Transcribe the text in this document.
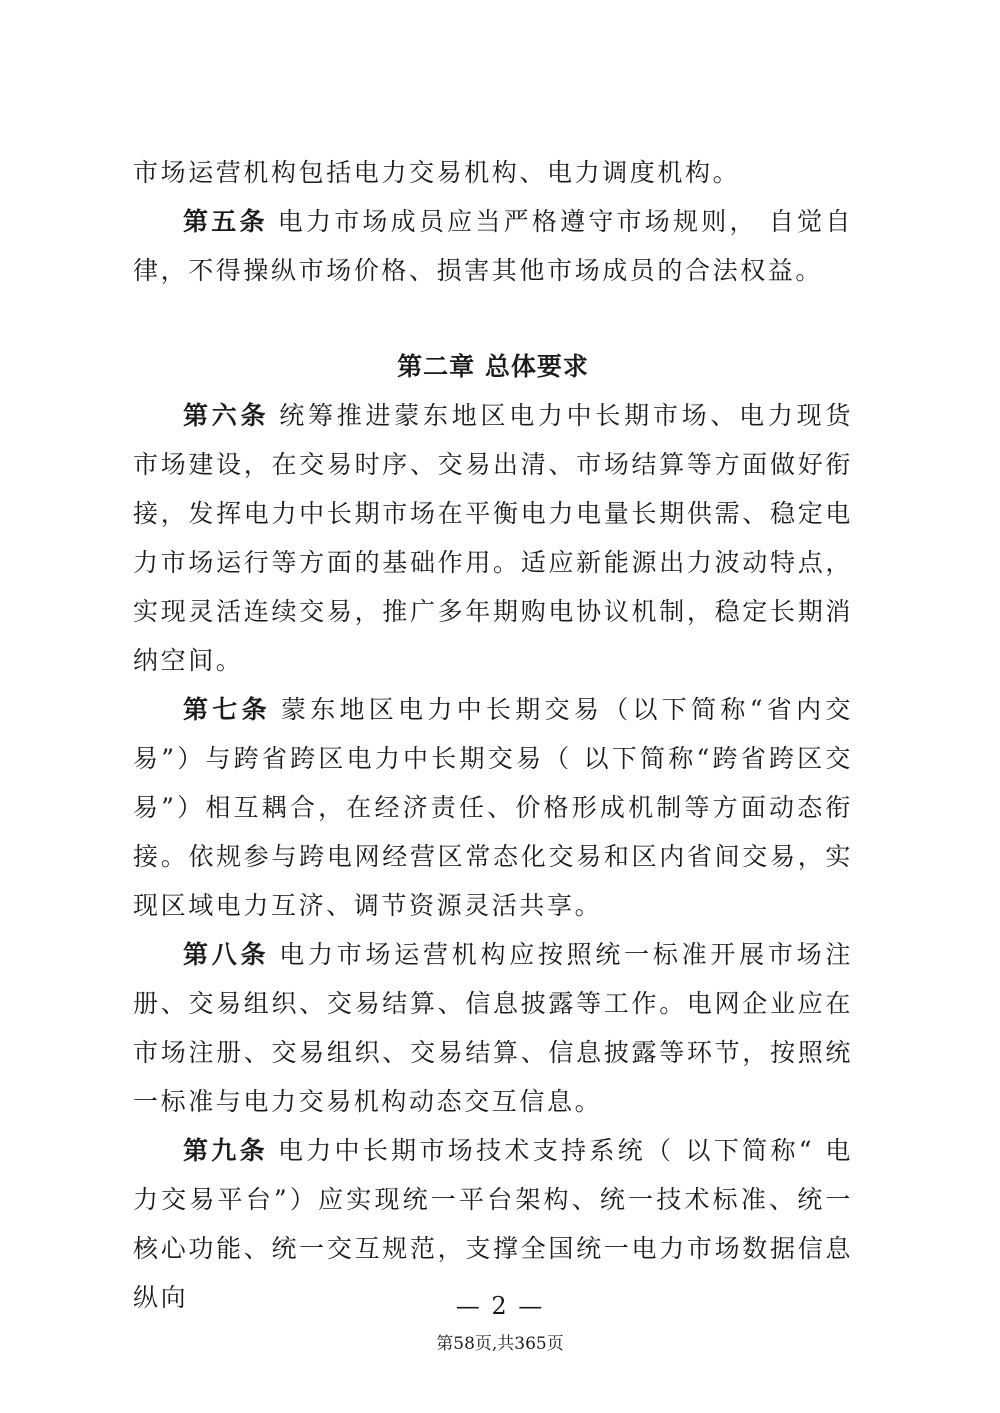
市场运营机构包括电力交易机构、电力调度机构。

第五条 电力市场成员应当严格遵守市场规则， 自觉自律，不得操纵市场价格、损害其他市场成员的合法权益。

第二章 总体要求

第六条 统筹推进蒙东地区电力中长期市场、电力现货市场建设，在交易时序、交易出清、市场结算等方面做好衔接，发挥电力中长期市场在平衡电力电量长期供需、稳定电力市场运行等方面的基础作用。适应新能源出力波动特点，实现灵活连续交易，推广多年期购电协议机制，稳定长期消纳空间。

第七条 蒙东地区电力中长期交易（以下简称“省内交易”）与跨省跨区电力中长期交易（ 以下简称“跨省跨区交易”）相互耦合，在经济责任、价格形成机制等方面动态衔接。依规参与跨电网经营区常态化交易和区内省间交易，实现区域电力互济、调节资源灵活共享。

第八条 电力市场运营机构应按照统一标准开展市场注册、交易组织、交易结算、信息披露等工作。电网企业应在市场注册、交易组织、交易结算、信息披露等环节，按照统一标准与电力交易机构动态交互信息。

第九条 电力中长期市场技术支持系统（ 以下简称“ 电力交易平台”）应实现统一平台架构、统一技术标准、统一核心功能、统一交互规范，支撑全国统一电力市场数据信息纵向	— 2 —
第58页,共365页
